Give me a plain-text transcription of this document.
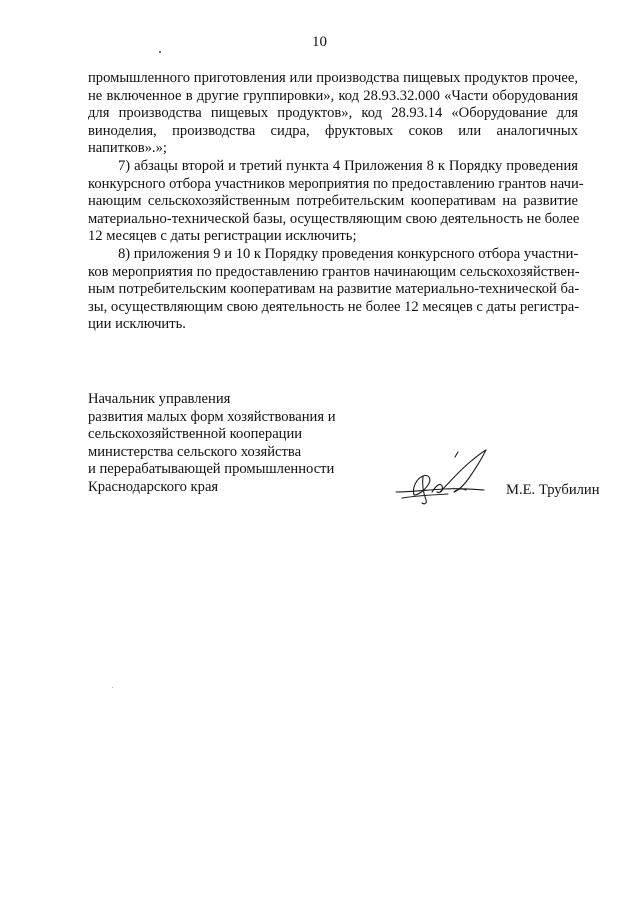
10
промышленного приготовления или производства пищевых продуктов прочее,
не включенное в другие группировки», код 28.93.32.000 «Части оборудования
для производства пищевых продуктов», код 28.93.14 «Оборудование для
виноделия, производства сидра, фруктовых соков или аналогичных
напитков».»;
7) абзацы второй и третий пункта 4 Приложения 8 к Порядку проведения
конкурсного отбора участников мероприятия по предоставлению грантов начи-
нающим сельскохозяйственным потребительским кооперативам на развитие
материально-технической базы, осуществляющим свою деятельность не более
12 месяцев с даты регистрации исключить;
8) приложения 9 и 10 к Порядку проведения конкурсного отбора участни-
ков мероприятия по предоставлению грантов начинающим сельскохозяйствен-
ным потребительским кооперативам на развитие материально-технической ба-
зы, осуществляющим свою деятельность не более 12 месяцев с даты регистра-
ции исключить.
Начальник управления
развития малых форм хозяйствования и
сельскохозяйственной кооперации
министерства сельского хозяйства
и перерабатывающей промышленности
Краснодарского края	М.Е. Трубилин
